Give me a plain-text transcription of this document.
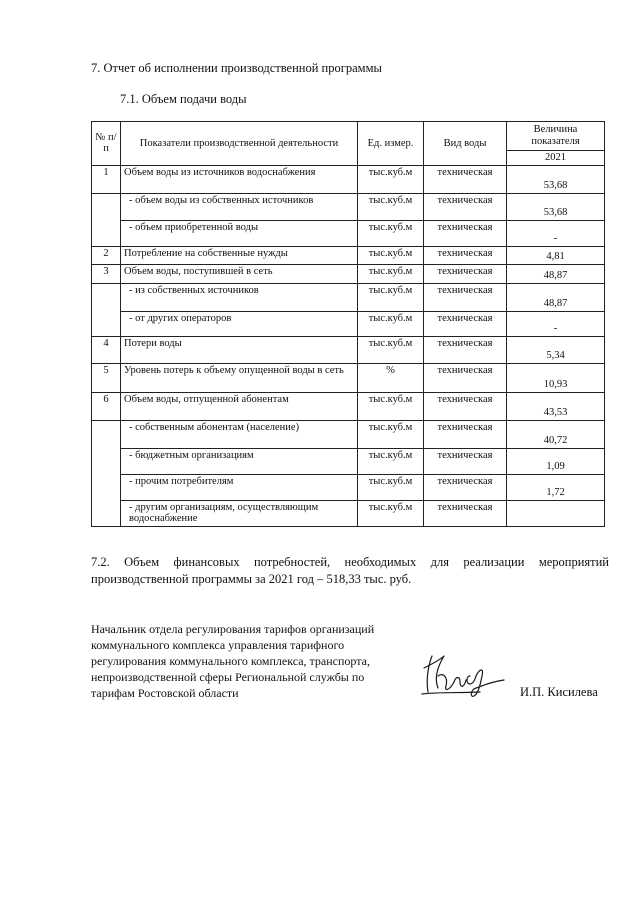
7. Отчет об исполнении производственной программы
7.1. Объем подачи воды
№ п/п	Показатели производственной деятельности	Ед. измер.	Вид воды	Величина показателя
				2021
1	Объем воды из источников водоснабжения	тыс.куб.м	техническая	53,68
	- объем воды из собственных источников	тыс.куб.м	техническая	53,68
	- объем приобретенной воды	тыс.куб.м	техническая	-
2	Потребление на собственные нужды	тыс.куб.м	техническая	4,81
3	Объем воды, поступившей в сеть	тыс.куб.м	техническая	48,87
	- из собственных источников	тыс.куб.м	техническая	48,87
	- от других операторов	тыс.куб.м	техническая	-
4	Потери воды	тыс.куб.м	техническая	5,34
5	Уровень потерь к объему опущенной воды в сеть	%	техническая	10,93
6	Объем воды, отпущенной абонентам	тыс.куб.м	техническая	43,53
	- собственным абонентам (население)	тыс.куб.м	техническая	40,72
	- бюджетным организациям	тыс.куб.м	техническая	1,09
	- прочим потребителям	тыс.куб.м	техническая	1,72
	- другим организациям, осуществляющим водоснабжение	тыс.куб.м	техническая	
7.2. Объем финансовых потребностей, необходимых для реализации мероприятий производственной программы за 2021 год – 518,33 тыс. руб.
Начальник отдела регулирования тарифов организаций коммунального комплекса управления тарифного регулирования коммунального комплекса, транспорта, непроизводственной сферы Региональной службы по тарифам Ростовской области	И.П. Кисилева
